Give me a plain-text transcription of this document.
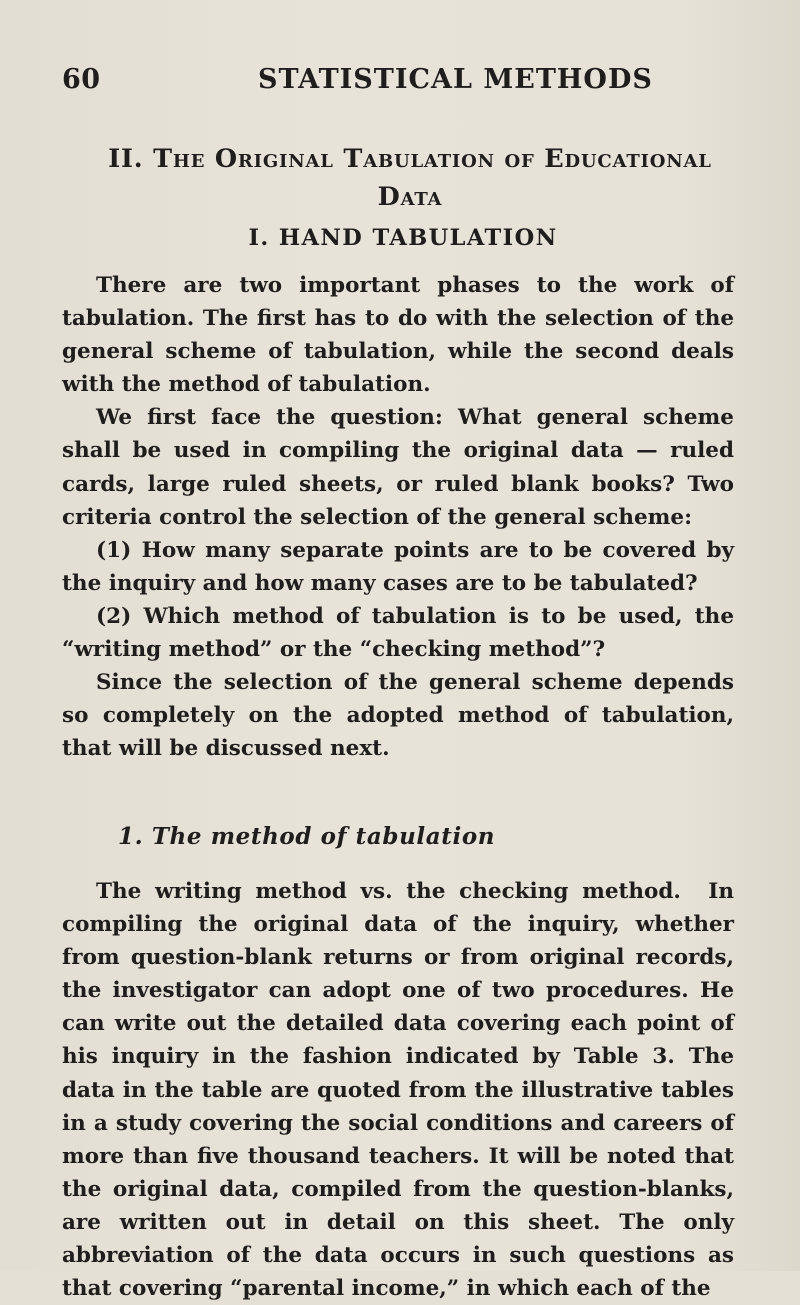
60	STATISTICAL METHODS
II. The Original Tabulation of Educational Data
I. HAND TABULATION

There are two important phases to the work of tabulation. The first has to do with the selection of the general scheme of tabulation, while the second deals with the method of tabulation.

We first face the question: What general scheme shall be used in compiling the original data — ruled cards, large ruled sheets, or ruled blank books? Two criteria control the selection of the general scheme:

(1) How many separate points are to be covered by the inquiry and how many cases are to be tabulated?

(2) Which method of tabulation is to be used, the “writing method” or the “checking method”?

Since the selection of the general scheme depends so completely on the adopted method of tabulation, that will be discussed next.

1. The method of tabulation

The writing method vs. the checking method. In compiling the original data of the inquiry, whether from question-blank returns or from original records, the investigator can adopt one of two procedures. He can write out the detailed data covering each point of his inquiry in the fashion indicated by Table 3. The data in the table are quoted from the illustrative tables in a study covering the social conditions and careers of more than five thousand teachers. It will be noted that the original data, compiled from the question-blanks, are written out in detail on this sheet. The only abbreviation of the data occurs in such questions as that covering “parental income,” in which each of the
